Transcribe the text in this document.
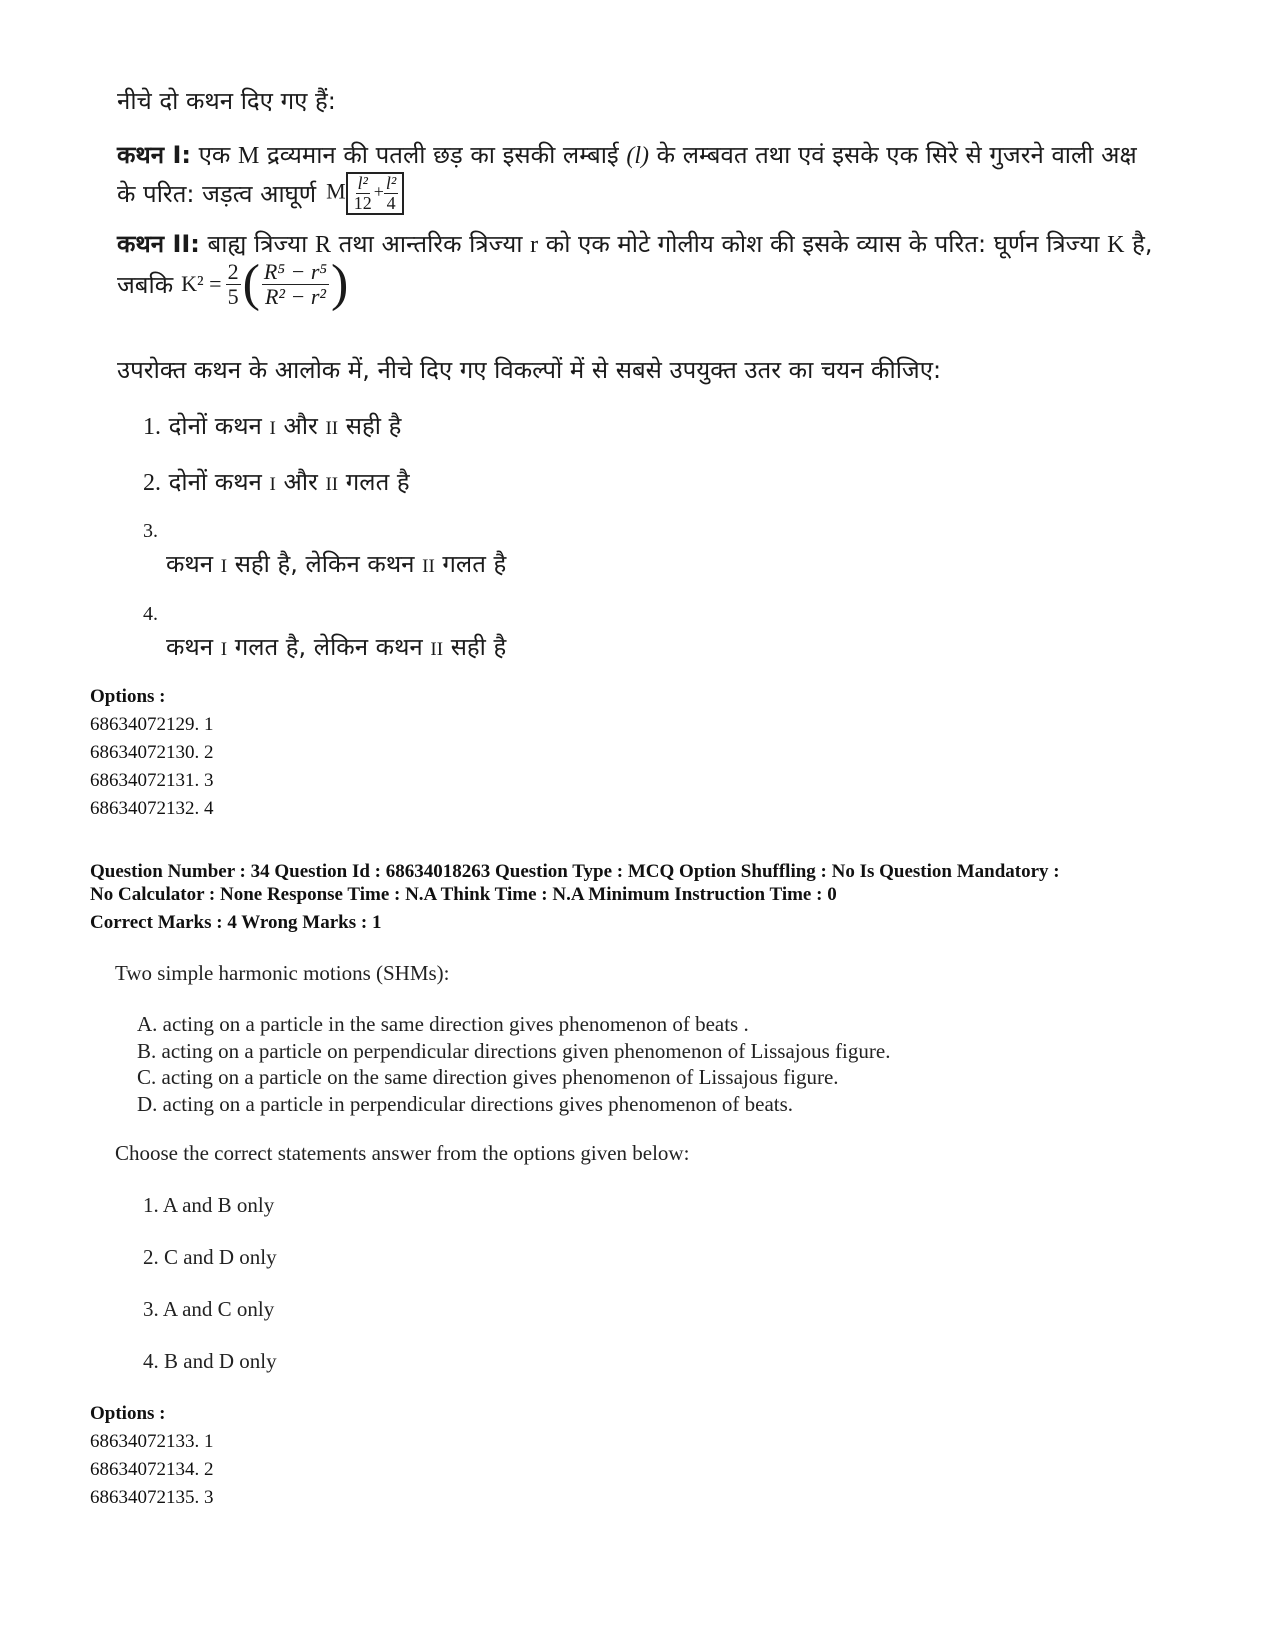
नीचे दो कथन दिए गए हैं:
कथन I: एक M द्रव्यमान की पतली छड़ का इसकी लम्बाई (l) के लम्बवत तथा एवं इसके एक सिरे से गुजरने वाली अक्ष
के परित: जड़त्व आघूर्ण M $\frac{\text{l²}}{12} + \frac{\text{l²}}{4}$
कथन II: बाह्य त्रिज्या R तथा आन्तरिक त्रिज्या r को एक मोटे गोलीय कोश की इसके व्यास के परित: घूर्णन त्रिज्या K है,
जबकि $K^2 = \frac{2}{5}$ ( $\frac{\text{R⁵ − r⁵}}{\text{R² − r²}}$ )
उपरोक्त कथन के आलोक में, नीचे दिए गए विकल्पों में से सबसे उपयुक्त उतर का चयन कीजिए:
1. दोनों कथन I और II सही है
2. दोनों कथन I और II गलत है
3.
कथन I सही है, लेकिन कथन II गलत है
4.
कथन I गलत है, लेकिन कथन II सही है
Options :
68634072129. 1
68634072130. 2
68634072131. 3
68634072132. 4
Question Number : 34 Question Id : 68634018263 Question Type : MCQ Option Shuffling : No Is Question Mandatory :
No Calculator : None Response Time : N.A Think Time : N.A Minimum Instruction Time : 0
Correct Marks : 4 Wrong Marks : 1
Two simple harmonic motions (SHMs):
A. acting on a particle in the same direction gives phenomenon of beats .
B. acting on a particle on perpendicular directions given phenomenon of Lissajous figure.
C. acting on a particle on the same direction gives phenomenon of Lissajous figure.
D. acting on a particle in perpendicular directions gives phenomenon of beats.
Choose the correct statements answer from the options given below:
1. A and B only
2. C and D only
3. A and C only
4. B and D only
Options :
68634072133. 1
68634072134. 2
68634072135. 3
